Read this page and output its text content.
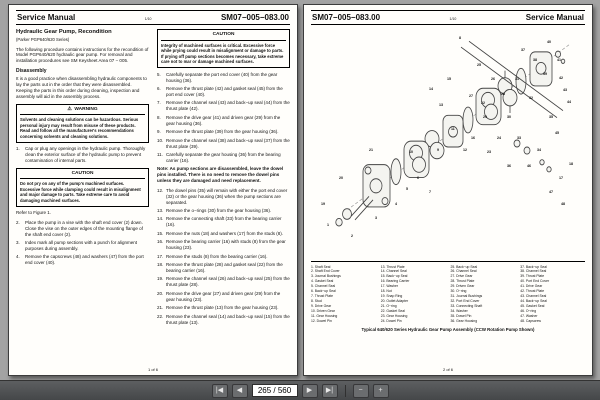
Service Manual	1/10	SM07−005−083.00
Hydraulic Gear Pump, Recondition
(Parker PGP640/620 Series)

The following procedure contains instructions for the recondition of Model PGP640/620 hydraulic gear pump. For removal and installation procedures see SM Keysheet Area 07 − 005.

Disassembly

It is a good practice when disassembling hydraulic components to lay the parts out in the order that they were disassembled. Keeping the parts in this order during cleaning, inspection and assembly will aid in the assembly process.

⚠ WARNING
Solvents and cleaning solutions can be hazardous. Serious personal injury may result from misuse of these products. Read and follow all the manufacturer's recommendations concerning solvents and cleaning solutions.
1.	Cap or plug any openings in the hydraulic pump. Thoroughly clean the exterior surface of the hydraulic pump to prevent contamination of internal parts.
CAUTION
Do not pry on any of the pump's machined surfaces. Excessive force while clamping could result in misalignment and major damage to parts. Take extreme care to avoid damaging machined surfaces.

Refer to Figure 1.

2.	Place the pump in a vise with the shaft end cover (2) down. Close the vise on the outer edges of the mounting flange of the shaft end cover (2).
3.	Index mark all pump sections with a punch for alignment purposes during assembly.
4.	Remove the capscrews (48) and washers (47) from the port end cover (40).
CAUTION
Integrity of machined surfaces is critical. Excessive force while prying could result in misalignment or damage to parts. If prying off pump sections becomes necessary, take extreme care not to mar or damage machined surfaces.
5.	Carefully separate the port end cover (40) from the gear housing (36).
6.	Remove the thrust plate (42) and gasket seal (45) from the port end cover (40).
7.	Remove the channel seal (43) and back−up seal (44) from the thrust plate (42).
8.	Remove the drive gear (41) and driven gear (29) from the gear housing (36).
9.	Remove the thrust plate (39) from the gear housing (36).
10. Remove the channel seal (38) and back−up seal (37) from the thrust plate (39).
11. Carefully separate the gear housing (36) from the bearing carrier (16).

Note: As pump sections are disassembled, leave the dowel pins installed. There is no need to remove the dowel pins unless they are damaged and need replacement.

12. The dowel pins (35) will remain with either the port end cover (32) or the gear housing (36) when the pump sections are separated.
13. Remove the o−rings (30) from the gear housing (36).
14. Remove the connecting shaft (33) from the bearing carrier (16).
15. Remove the nuts (18) and washers (17) from the studs (8).
16. Remove the bearing carrier (16) with studs (8) from the gear housing (23).
17. Remove the studs (8) from the bearing carrier (16).
18. Remove the thrust plate (28) and gasket seal (22) from the bearing carrier (16).
19. Remove the channel seal (26) and back−up seal (25) from the thrust plate (28).
20. Remove the drive gear (27) and driven gear (29) from the gear housing (23).
21. Remove the thrust plate (13) from the gear housing (23).
22. Remove the channel seal (14) and back−up seal (15) from the thrust plate (13).
1 of 6
SM07−005−083.00	1/10	Service Manual
1
2
3
4
5
6
7
8
9
10
11
12
13
14
15
16
17
18
19
20
21
22
23
24
25
26
27	28
29	30
31
32
33
34
35
36
37
38
39
40
41
42
43
44
45
46
47
48
1. Shaft Seal
2. Shaft End Cover
3. Journal Bushings
4. Gasket Seal
5. Channel Seal
6. Back−up Seal
7. Thrust Plate
8. Stud
9. Drive Gear
10. Driven Gear
11. Gear Housing
12. Dowel Pin
13. Thrust Plate
14. Channel Seal
15. Back−up Seal
16. Bearing Carrier
17. Washer
18. Nut
19. Snap Ring
20. Outlet Adapter
21. O−ring
22. Gasket Seal
23. Gear Housing
24. Dowel Pin
25. Back−up Seal
26. Channel Seal
27. Drive Gear
28. Thrust Plate
29. Driven Gear
30. O−ring
31. Journal Bushings
32. Port End Cover
33. Connecting Shaft
34. Washer
35. Dowel Pin
36. Gear Housing
37. Back−up Seal
38. Channel Seal
39. Thrust Plate
40. Port End Cover
41. Drive Gear
42. Thrust Plate
43. Channel Seal
44. Back−up Seal
45. Gasket Seal
46. O−ring
47. Washer
48. Capscrew
Typical 640/620 Series Hydraulic Gear Pump Assembly (CCW Rotation Pump Shown)
2 of 6
|◀	◀
265 / 560	▶	▶|	−	+
